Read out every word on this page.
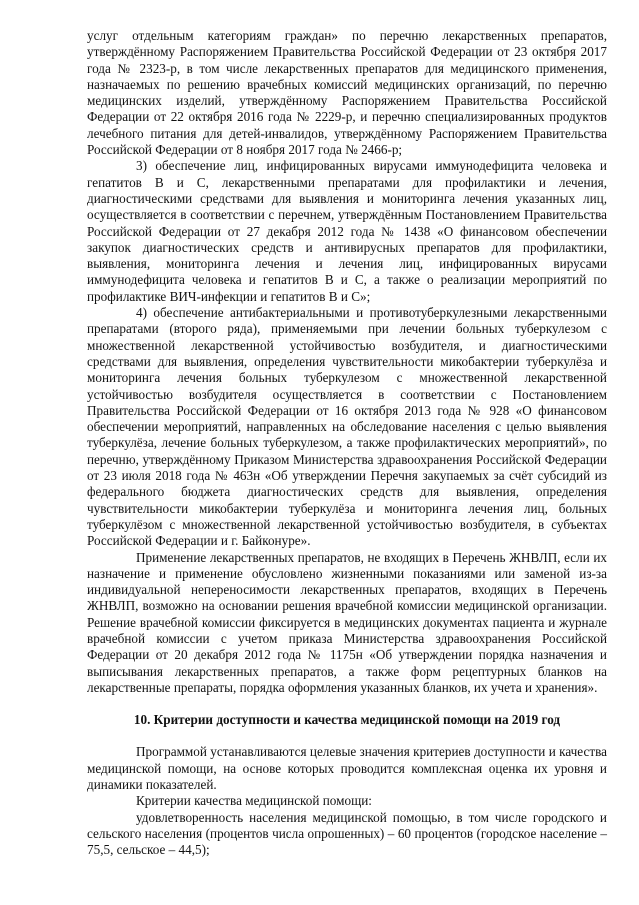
услуг отдельным категориям граждан» по перечню лекарственных препаратов, утверждённому Распоряжением Правительства Российской Федерации от 23 октября 2017 года № 2323-р, в том числе лекарственных препаратов для медицинского применения, назначаемых по решению врачебных комиссий медицинских организаций, по перечню медицинских изделий, утверждённому Распоряжением Правительства Российской Федерации от 22 октября 2016 года № 2229-р, и перечню специализированных продуктов лечебного питания для детей-инвалидов, утверждённому Распоряжением Правительства Российской Федерации от 8 ноября 2017 года № 2466-р;

3) обеспечение лиц, инфицированных вирусами иммунодефицита человека и гепатитов В и С, лекарственными препаратами для профилактики и лечения, диагностическими средствами для выявления и мониторинга лечения указанных лиц, осуществляется в соответствии с перечнем, утверждённым Постановлением Правительства Российской Федерации от 27 декабря 2012 года № 1438 «О финансовом обеспечении закупок диагностических средств и антивирусных препаратов для профилактики, выявления, мониторинга лечения и лечения лиц, инфицированных вирусами иммунодефицита человека и гепатитов В и С, а также о реализации мероприятий по профилактике ВИЧ-инфекции и гепатитов В и С»;

4) обеспечение антибактериальными и противотуберкулезными лекарственными препаратами (второго ряда), применяемыми при лечении больных туберкулезом с множественной лекарственной устойчивостью возбудителя, и диагностическими средствами для выявления, определения чувствительности микобактерии туберкулёза и мониторинга лечения больных туберкулезом с множественной лекарственной устойчивостью возбудителя осуществляется в соответствии с Постановлением Правительства Российской Федерации от 16 октября 2013 года № 928 «О финансовом обеспечении мероприятий, направленных на обследование населения с целью выявления туберкулёза, лечение больных туберкулезом, а также профилактических мероприятий», по перечню, утверждённому Приказом Министерства здравоохранения Российской Федерации от 23 июля 2018 года № 463н «Об утверждении Перечня закупаемых за счёт субсидий из федерального бюджета диагностических средств для выявления, определения чувствительности микобактерии туберкулёза и мониторинга лечения лиц, больных туберкулёзом с множественной лекарственной устойчивостью возбудителя, в субъектах Российской Федерации и г. Байконуре».

Применение лекарственных препаратов, не входящих в Перечень ЖНВЛП, если их назначение и применение обусловлено жизненными показаниями или заменой из-за индивидуальной непереносимости лекарственных препаратов, входящих в Перечень ЖНВЛП, возможно на основании решения врачебной комиссии медицинской организации. Решение врачебной комиссии фиксируется в медицинских документах пациента и журнале врачебной комиссии с учетом приказа Министерства здравоохранения Российской Федерации от 20 декабря 2012 года № 1175н «Об утверждении порядка назначения и выписывания лекарственных препаратов, а также форм рецептурных бланков на лекарственные препараты, порядка оформления указанных бланков, их учета и хранения».

10. Критерии доступности и качества медицинской помощи на 2019 год

Программой устанавливаются целевые значения критериев доступности и качества медицинской помощи, на основе которых проводится комплексная оценка их уровня и динамики показателей.

Критерии качества медицинской помощи:

удовлетворенность населения медицинской помощью, в том числе городского и сельского населения (процентов числа опрошенных) – 60 процентов (городское население – 75,5, сельское – 44,5);
